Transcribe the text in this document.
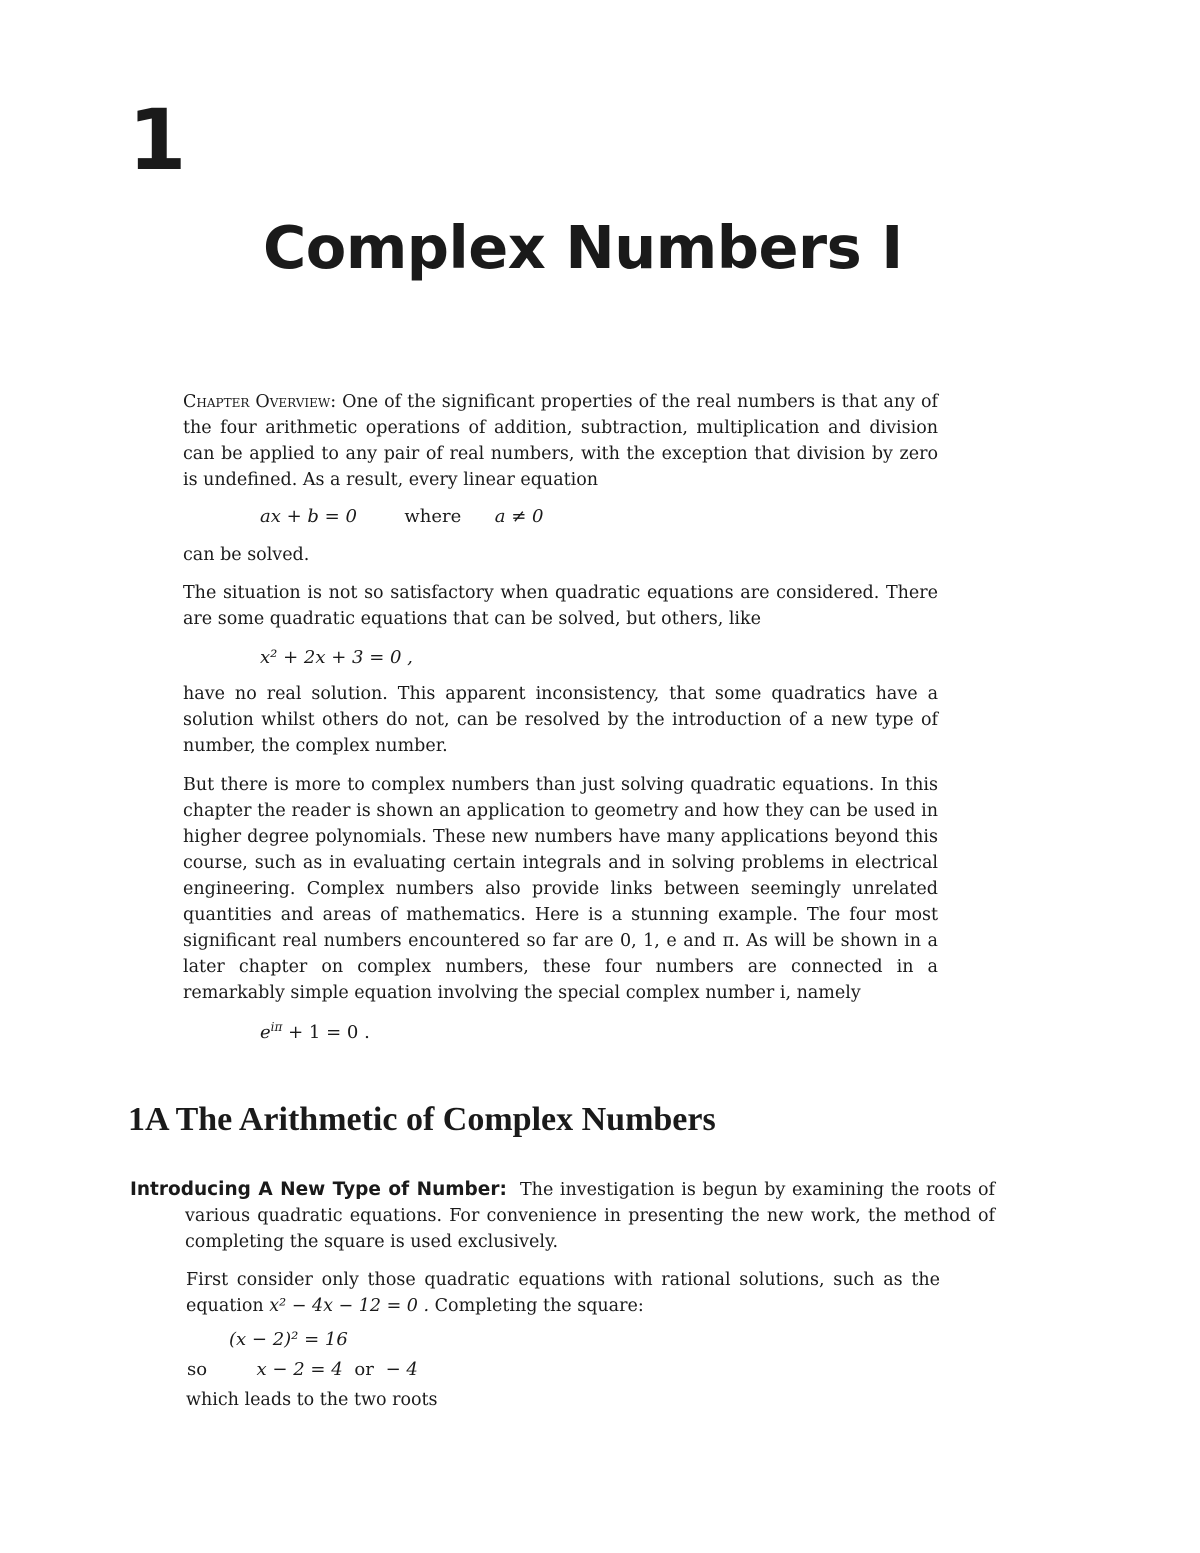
1
Complex Numbers I
Chapter Overview: One of the significant properties of the real numbers is that any of the four arithmetic operations of addition, subtraction, multiplication and division can be applied to any pair of real numbers, with the exception that division by zero is undefined. As a result, every linear equation
ax + b = 0	where a ≠ 0
can be solved.
The situation is not so satisfactory when quadratic equations are considered. There are some quadratic equations that can be solved, but others, like
x² + 2x + 3 = 0 ,
have no real solution. This apparent inconsistency, that some quadratics have a solution whilst others do not, can be resolved by the introduction of a new type of number, the complex number.
But there is more to complex numbers than just solving quadratic equations. In this chapter the reader is shown an application to geometry and how they can be used in higher degree polynomials. These new numbers have many applications beyond this course, such as in evaluating certain integrals and in solving problems in electrical engineering. Complex numbers also provide links between seemingly unrelated quantities and areas of mathematics. Here is a stunning example. The four most significant real numbers encountered so far are 0, 1, e and π. As will be shown in a later chapter on complex numbers, these four numbers are connected in a remarkably simple equation involving the special complex number i, namely
$e^{i\pi} + 1 = 0$ .
1A The Arithmetic of Complex Numbers
Introducing A New Type of Number: The investigation is begun by examining the roots of various quadratic equations. For convenience in presenting the new work, the method of completing the square is used exclusively.
First consider only those quadratic equations with rational solutions, such as the equation x² − 4x − 12 = 0 . Completing the square:
(x − 2)² = 16
so	x − 2 = 4 or − 4
which leads to the two roots
